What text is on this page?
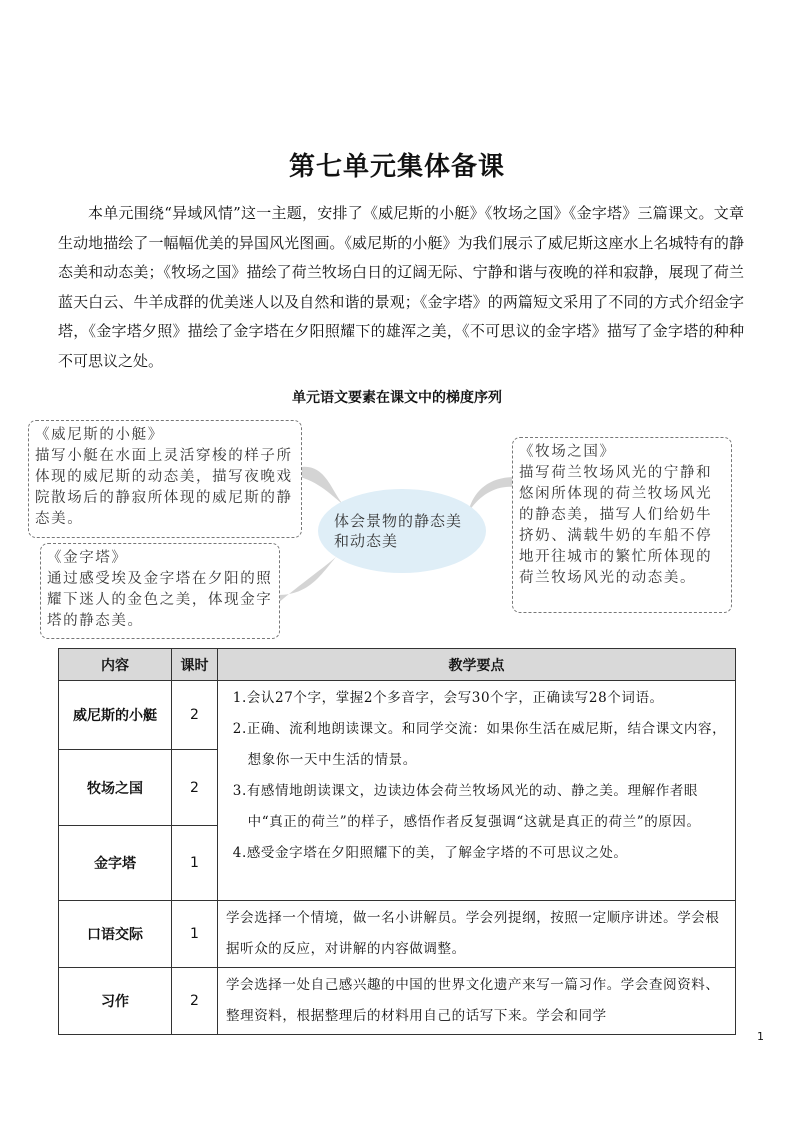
第七单元集体备课

本单元围绕“异域风情”这一主题，安排了《威尼斯的小艇》《牧场之国》《金字塔》三篇课文。文章生动地描绘了一幅幅优美的异国风光图画。《威尼斯的小艇》为我们展示了威尼斯这座水上名城特有的静态美和动态美；《牧场之国》描绘了荷兰牧场白日的辽阔无际、宁静和谐与夜晚的祥和寂静，展现了荷兰蓝天白云、牛羊成群的优美迷人以及自然和谐的景观；《金字塔》的两篇短文采用了不同的方式介绍金字塔，《金字塔夕照》描绘了金字塔在夕阳照耀下的雄浑之美，《不可思议的金字塔》描写了金字塔的种种不可思议之处。

单元语文要素在课文中的梯度序列
《威尼斯的小艇》
描写小艇在水面上灵活穿梭的样子所体现的威尼斯的动态美，描写夜晚戏院散场后的静寂所体现的威尼斯的静态美。	体会景物的静态美和动态美
《牧场之国》
描写荷兰牧场风光的宁静和悠闲所体现的荷兰牧场风光的静态美，描写人们给奶牛挤奶、满载牛奶的车船不停地开往城市的繁忙所体现的荷兰牧场风光的动态美。
《金字塔》
通过感受埃及金字塔在夕阳的照耀下迷人的金色之美，体现金字塔的静态美。
内容	课时	教学要点
威尼斯的小艇	2	1.会认27个字，掌握2个多音字，会写30个字，正确读写28个词语。

2.正确、流利地朗读课文。和同学交流：如果你生活在威尼斯，结合课文内容，想象你一天中生活的情景。

3.有感情地朗读课文，边读边体会荷兰牧场风光的动、静之美。理解作者眼中“真正的荷兰”的样子，感悟作者反复强调“这就是真正的荷兰”的原因。

4.感受金字塔在夕阳照耀下的美，了解金字塔的不可思议之处。

牧场之国	2	
金字塔	1	
口语交际	1	学会选择一个情境，做一名小讲解员。学会列提纲，按照一定顺序讲述。学会根据听众的反应，对讲解的内容做调整。

习作	2	学会选择一处自己感兴趣的中国的世界文化遗产来写一篇习作。学会查阅资料、整理资料，根据整理后的材料用自己的话写下来。学会和同学

1
